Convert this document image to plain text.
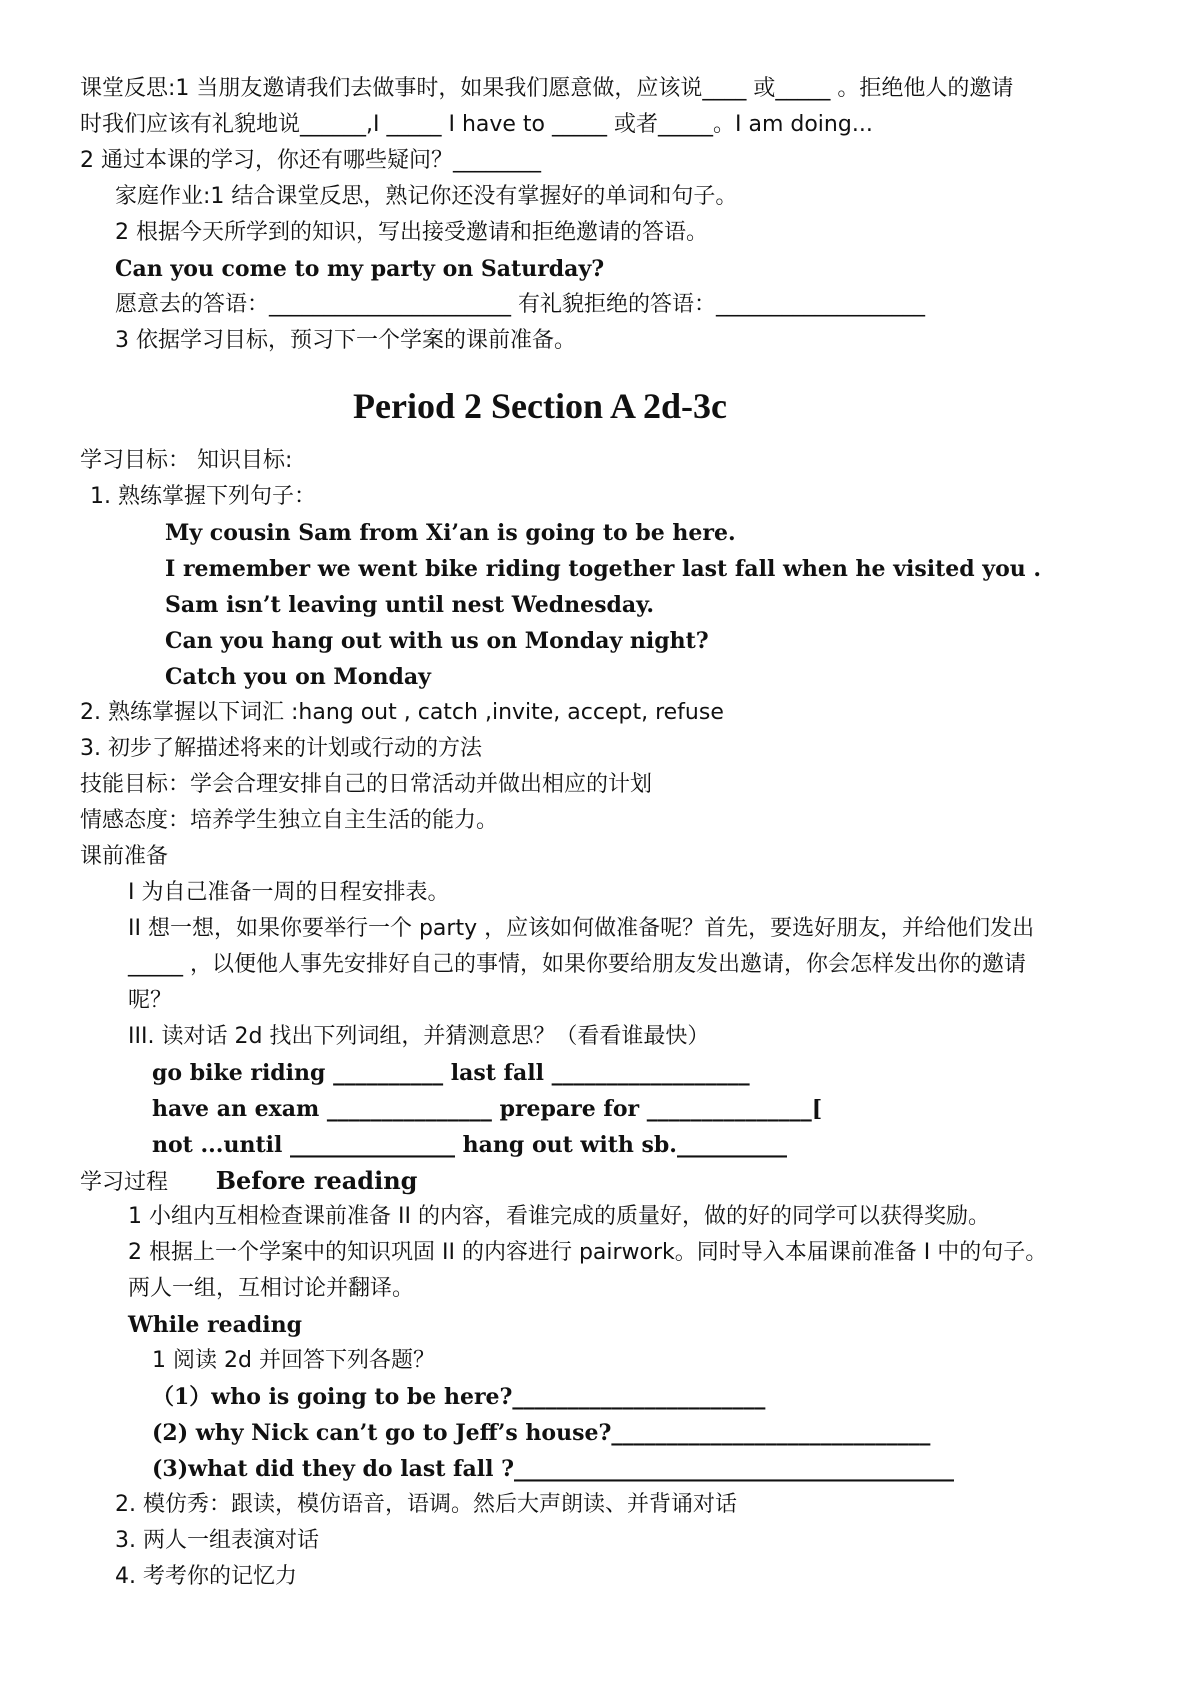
课堂反思:1 当朋友邀请我们去做事时，如果我们愿意做，应该说____ 或_____ 。拒绝他人的邀请
时我们应该有礼貌地说______,I _____ I have to _____ 或者_____。I am doing...
2 通过本课的学习，你还有哪些疑问？________
家庭作业:1 结合课堂反思，熟记你还没有掌握好的单词和句子。
2 根据今天所学到的知识，写出接受邀请和拒绝邀请的答语。
Can you come to my party on Saturday?
愿意去的答语：______________________ 有礼貌拒绝的答语：___________________
3 依据学习目标，预习下一个学案的课前准备。
Period 2 Section A 2d-3c
学习目标： 知识目标:
1. 熟练掌握下列句子：
My cousin Sam from Xi’an is going to be here.
I remember we went bike riding together last fall when he visited you .
Sam isn’t leaving until nest Wednesday.
Can you hang out with us on Monday night?
Catch you on Monday
2. 熟练掌握以下词汇 :hang out , catch ,invite, accept, refuse
3. 初步了解描述将来的计划或行动的方法
技能目标：学会合理安排自己的日常活动并做出相应的计划
情感态度：培养学生独立自主生活的能力。
课前准备
I 为自己准备一周的日程安排表。
II 想一想，如果你要举行一个 party ，应该如何做准备呢？首先，要选好朋友，并给他们发出
_____ ，以便他人事先安排好自己的事情，如果你要给朋友发出邀请，你会怎样发出你的邀请
呢？
III. 读对话 2d 找出下列词组，并猜测意思？（看看谁最快）
go bike riding __________ last fall __________________
have an exam _______________ prepare for _______________[
not ...until _______________ hang out with sb.__________
学习过程 Before reading
1 小组内互相检查课前准备 II 的内容，看谁完成的质量好，做的好的同学可以获得奖励。
2 根据上一个学案中的知识巩固 II 的内容进行 pairwork。同时导入本届课前准备 I 中的句子。
两人一组，互相讨论并翻译。
While reading
1 阅读 2d 并回答下列各题？
（1）who is going to be here?_______________________
(2) why Nick can’t go to Jeff’s house?_____________________________
(3)what did they do last fall ?________________________________________
2. 模仿秀：跟读，模仿语音，语调。然后大声朗读、并背诵对话
3. 两人一组表演对话
4. 考考你的记忆力
